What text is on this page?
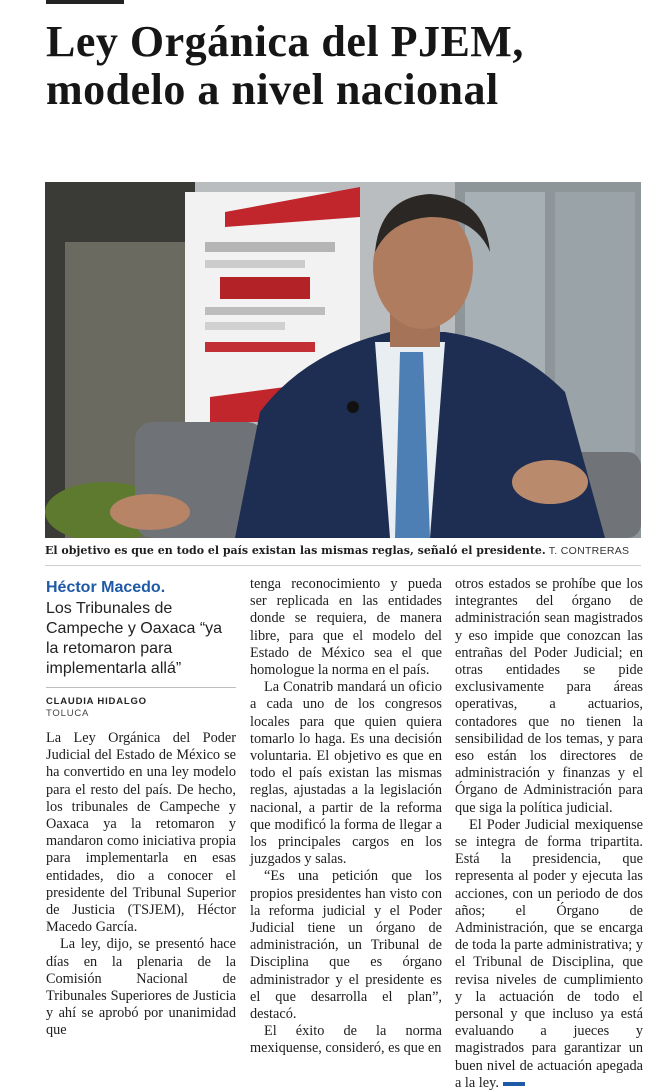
Ley Orgánica del PJEM,
modelo a nivel nacional
El objetivo es que en todo el país existan las mismas reglas, señaló el presidente. T. CONTRERAS
Héctor Macedo.
Los Tribunales de Campeche y Oaxaca “ya la retomaron para implementarla allá”
CLAUDIA HIDALGO
TOLUCA

La Ley Orgánica del Poder Judicial del Estado de México se ha convertido en una ley modelo para el resto del país. De hecho, los tribunales de Campeche y Oaxaca ya la retomaron y mandaron como iniciativa propia para implementarla en esas entidades, dio a conocer el presidente del Tribunal Superior de Justicia (TSJEM), Héctor Macedo García.

La ley, dijo, se presentó hace días en la plenaria de la Comisión Nacional de Tribunales Superiores de Justicia y ahí se aprobó por unanimidad que

tenga reconocimiento y pueda ser replicada en las entidades donde se requiera, de manera libre, para que el modelo del Estado de México sea el que homologue la norma en el país.

La Conatrib mandará un oficio a cada uno de los congresos locales para que quien quiera tomarlo lo haga. Es una decisión voluntaria. El objetivo es que en todo el país existan las mismas reglas, ajustadas a la legislación nacional, a partir de la reforma que modificó la forma de llegar a los principales cargos en los juzgados y salas.

“Es una petición que los propios presidentes han visto con la reforma judicial y el Poder Judicial tiene un órgano de administración, un Tribunal de Disciplina que es órgano administrador y el presidente es el que desarrolla el plan”, destacó.

El éxito de la norma mexiquense, consideró, es que en

otros estados se prohíbe que los integrantes del órgano de administración sean magistrados y eso impide que conozcan las entrañas del Poder Judicial; en otras entidades se pide exclusivamente para áreas operativas, a actuarios, contadores que no tienen la sensibilidad de los temas, y para eso están los directores de administración y finanzas y el Órgano de Administración para que siga la política judicial.

El Poder Judicial mexiquense se integra de forma tripartita. Está la presidencia, que representa al poder y ejecuta las acciones, con un periodo de dos años; el Órgano de Administración, que se encarga de toda la parte administrativa; y el Tribunal de Disciplina, que revisa niveles de cumplimiento y la actuación de todo el personal y que incluso ya está evaluando a jueces y magistrados para garantizar un buen nivel de actuación apegada a la ley.
